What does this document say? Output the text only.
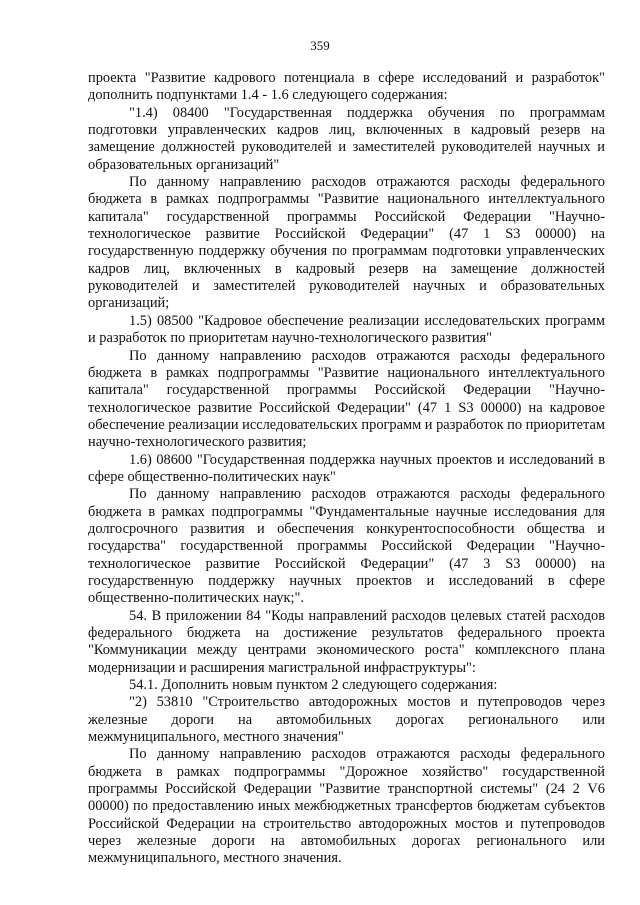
359

проекта "Развитие кадрового потенциала в сфере исследований и разработок" дополнить подпунктами 1.4 - 1.6 следующего содержания:

"1.4) 08400 "Государственная поддержка обучения по программам подготовки управленческих кадров лиц, включенных в кадровый резерв на замещение должностей руководителей и заместителей руководителей научных и образовательных организаций"

По данному направлению расходов отражаются расходы федерального бюджета в рамках подпрограммы "Развитие национального интеллектуального капитала" государственной программы Российской Федерации "Научно-технологическое развитие Российской Федерации" (47 1 S3 00000) на государственную поддержку обучения по программам подготовки управленческих кадров лиц, включенных в кадровый резерв на замещение должностей руководителей и заместителей руководителей научных и образовательных организаций;

1.5) 08500 "Кадровое обеспечение реализации исследовательских программ и разработок по приоритетам научно-технологического развития"

По данному направлению расходов отражаются расходы федерального бюджета в рамках подпрограммы "Развитие национального интеллектуального капитала" государственной программы Российской Федерации "Научно-технологическое развитие Российской Федерации" (47 1 S3 00000) на кадровое обеспечение реализации исследовательских программ и разработок по приоритетам научно-технологического развития;

1.6) 08600 "Государственная поддержка научных проектов и исследований в сфере общественно-политических наук"

По данному направлению расходов отражаются расходы федерального бюджета в рамках подпрограммы "Фундаментальные научные исследования для долгосрочного развития и обеспечения конкурентоспособности общества и государства" государственной программы Российской Федерации "Научно-технологическое развитие Российской Федерации" (47 3 S3 00000) на государственную поддержку научных проектов и исследований в сфере общественно-политических наук;".

54. В приложении 84 "Коды направлений расходов целевых статей расходов федерального бюджета на достижение результатов федерального проекта "Коммуникации между центрами экономического роста" комплексного плана модернизации и расширения магистральной инфраструктуры":

54.1. Дополнить новым пунктом 2 следующего содержания:

"2) 53810 "Строительство автодорожных мостов и путепроводов через железные дороги на автомобильных дорогах регионального или межмуниципального, местного значения"

По данному направлению расходов отражаются расходы федерального бюджета в рамках подпрограммы "Дорожное хозяйство" государственной программы Российской Федерации "Развитие транспортной системы" (24 2 V6 00000) по предоставлению иных межбюджетных трансфертов бюджетам субъектов Российской Федерации на строительство автодорожных мостов и путепроводов через железные дороги на автомобильных дорогах регионального или межмуниципального, местного значения.
